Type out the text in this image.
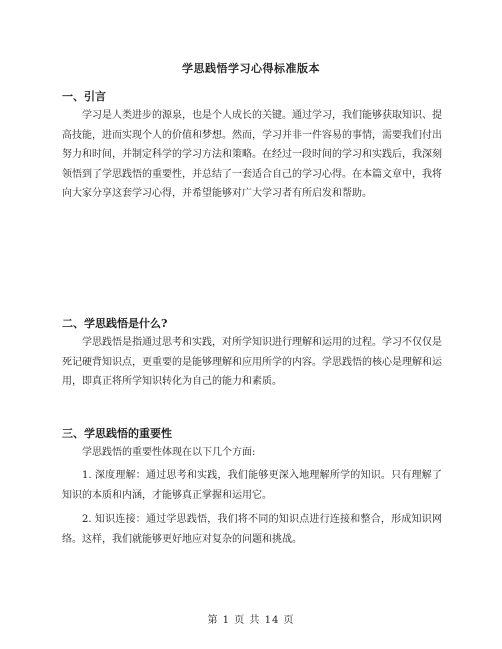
学思践悟学习心得标准版本
一、引言

学习是人类进步的源泉，也是个人成长的关键。通过学习，我们能够获取知识、提高技能，进而实现个人的价值和梦想。然而，学习并非一件容易的事情，需要我们付出努力和时间，并制定科学的学习方法和策略。在经过一段时间的学习和实践后，我深刻领悟到了学思践悟的重要性，并总结了一套适合自己的学习心得。在本篇文章中，我将向大家分享这套学习心得，并希望能够对广大学习者有所启发和帮助。

二、学思践悟是什么?

学思践悟是指通过思考和实践，对所学知识进行理解和运用的过程。学习不仅仅是死记硬背知识点，更重要的是能够理解和应用所学的内容。学思践悟的核心是理解和运用，即真正将所学知识转化为自己的能力和素质。

三、学思践悟的重要性

学思践悟的重要性体现在以下几个方面:

1. 深度理解：通过思考和实践，我们能够更深入地理解所学的知识。只有理解了知识的本质和内涵，才能够真正掌握和运用它。

2. 知识连接：通过学思践悟，我们将不同的知识点进行连接和整合，形成知识网络。这样，我们就能够更好地应对复杂的问题和挑战。

第 1 页 共 14 页
